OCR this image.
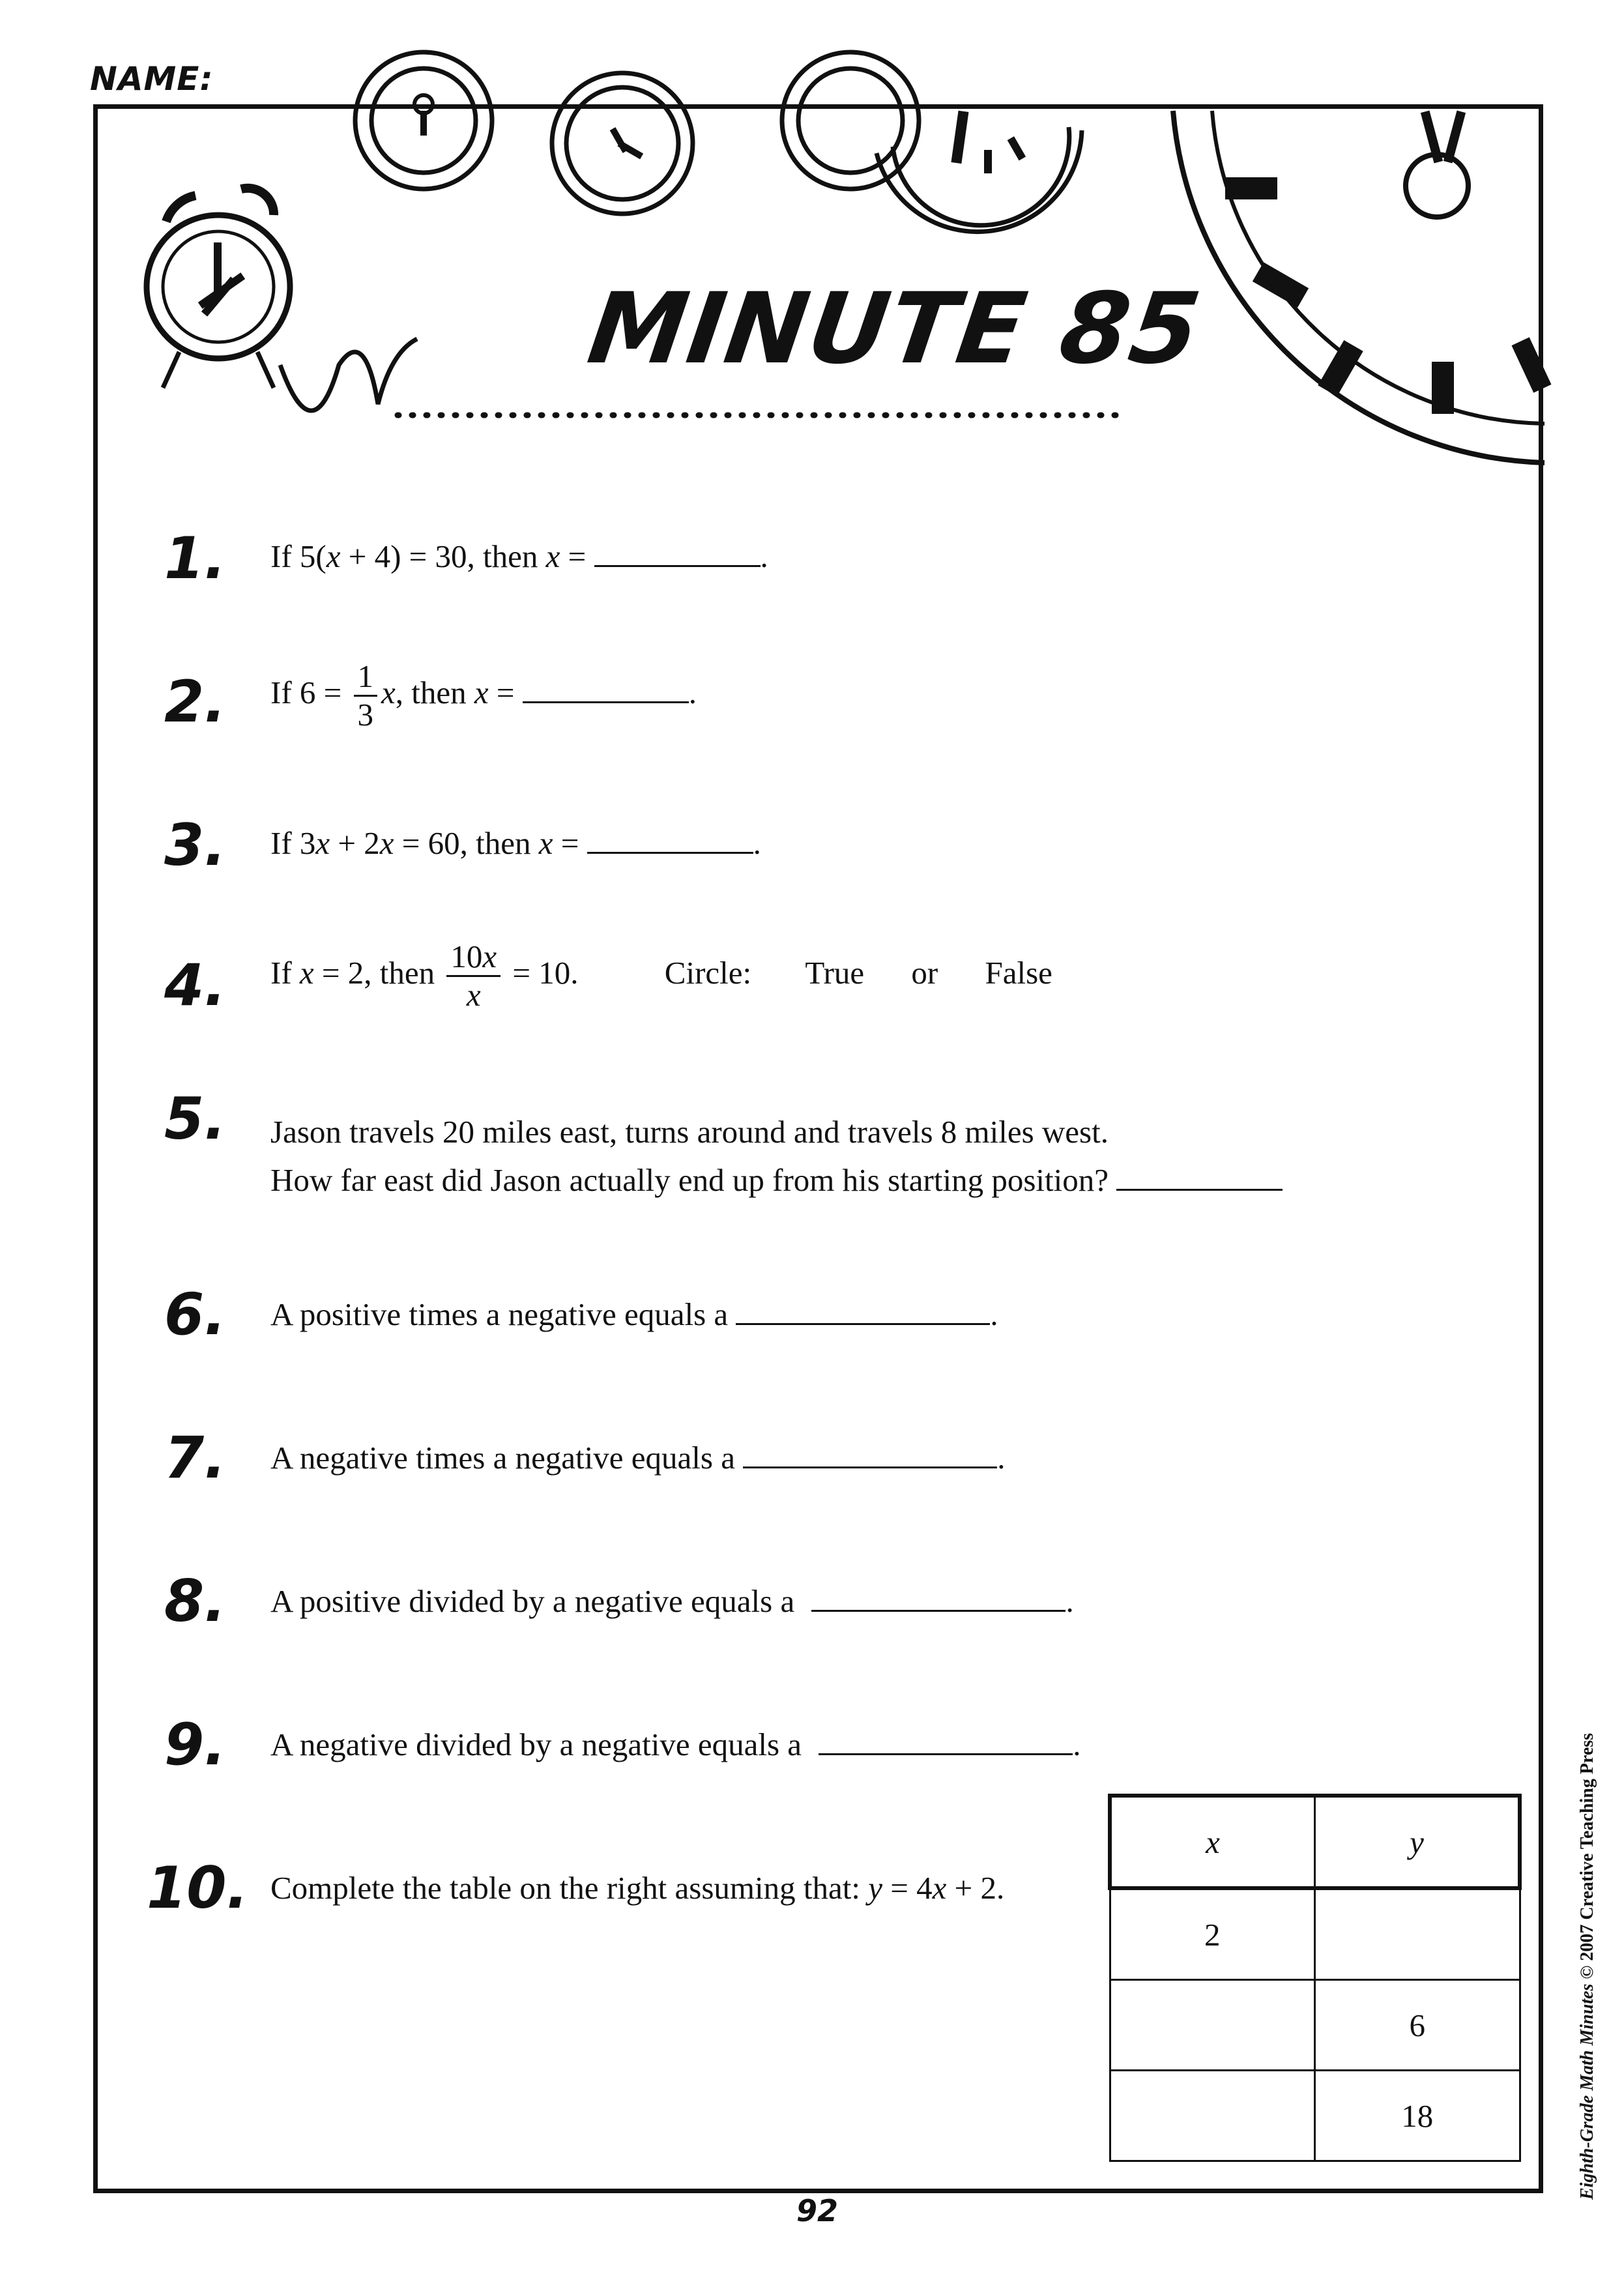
NAME:
MINUTE 85
1. If 5(x + 4) = 30, then x =	.
2. If $6 = \frac{1}{3} x$, then x =	.
3. If 3x + 2x = 60, then x =	.
4. If x = 2, then $\frac{10x}{x} = 10$.	Circle: True or False
5. Jason travels 20 miles east, turns around and travels 8 miles west.
How far east did Jason actually end up from his starting position?
6. A positive times a negative equals a	.
7. A negative times a negative equals a	.
8. A positive divided by a negative equals a	.
9. A negative divided by a negative equals a	.
10. Complete the table on the right assuming that: y = 4x + 2.
x	y
2	
	6
	18
92
Eighth-Grade Math Minutes © 2007 Creative Teaching Press
